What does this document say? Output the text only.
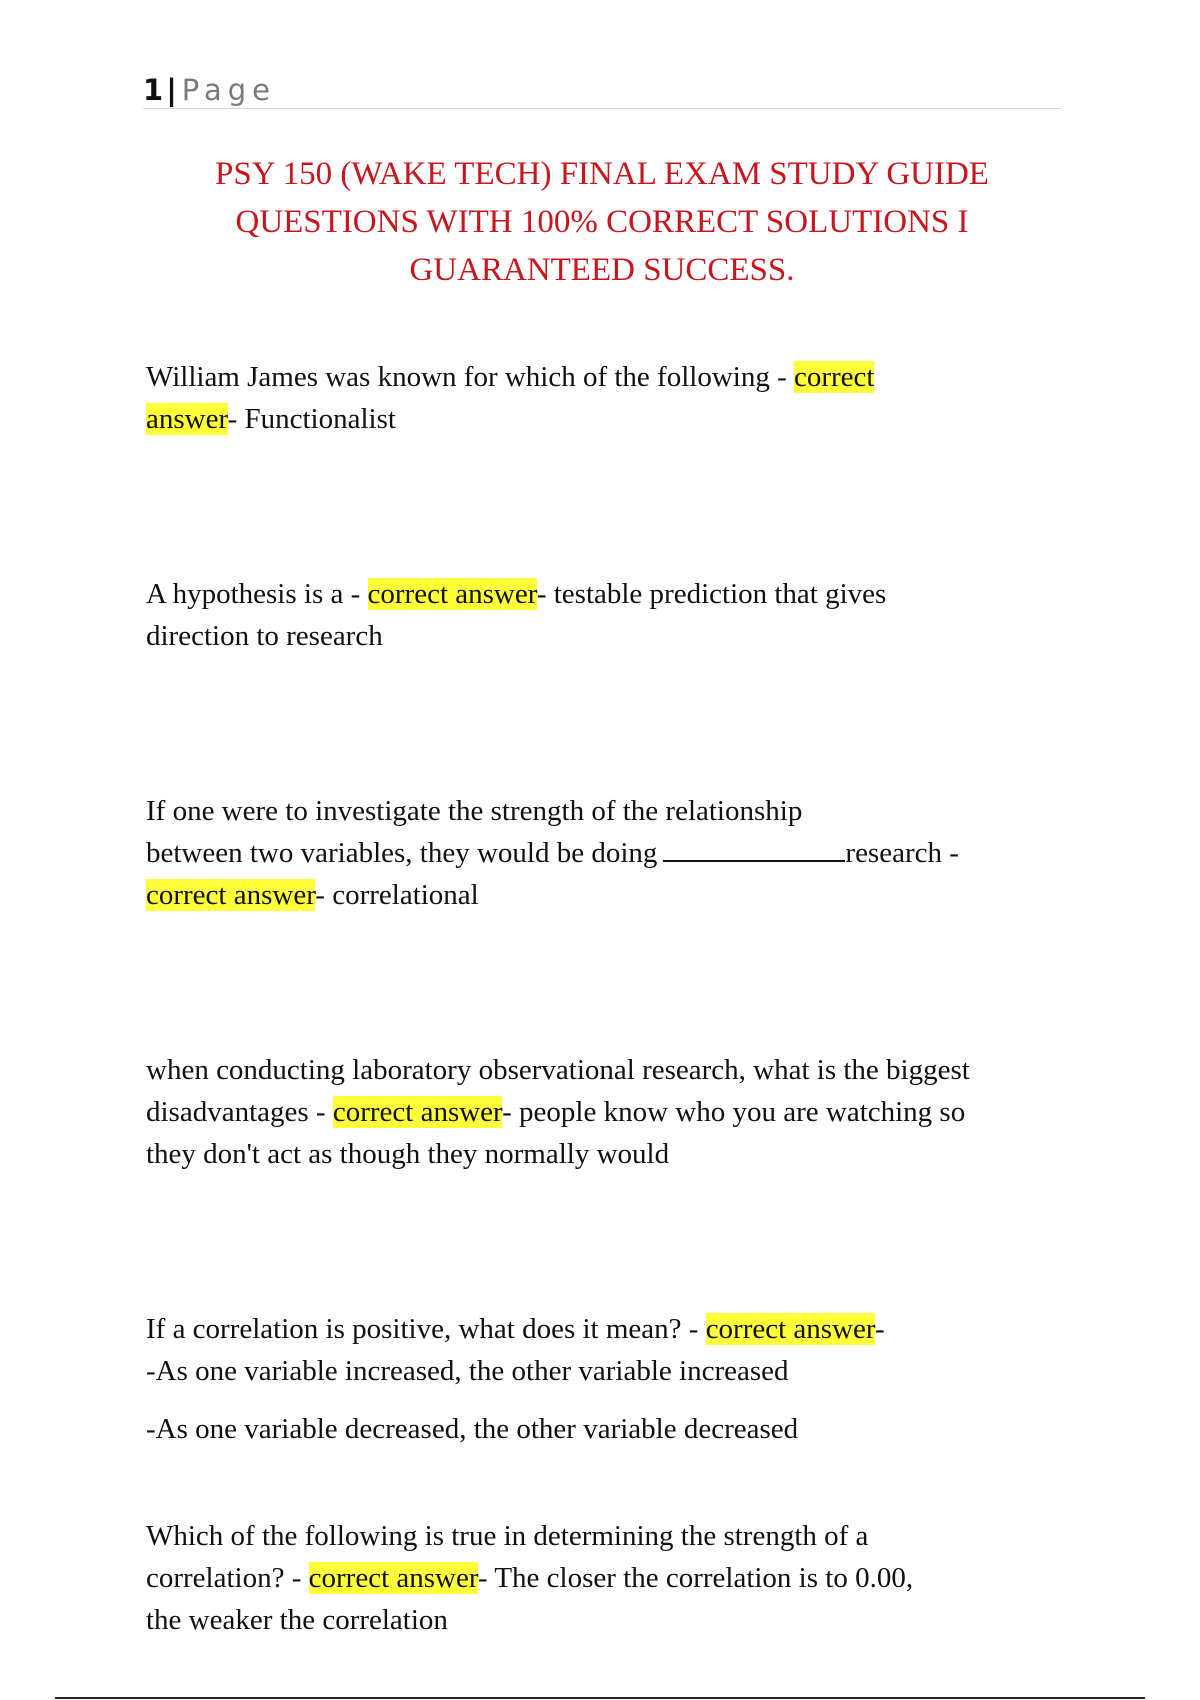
1 | Page
PSY 150 (WAKE TECH) FINAL EXAM STUDY GUIDE
QUESTIONS WITH 100% CORRECT SOLUTIONS I
GUARANTEED SUCCESS.

William James was known for which of the following - correct

answer- Functionalist

A hypothesis is a - correct answer- testable prediction that gives

direction to research

If one were to investigate the strength of the relationship

between two variables, they would be doing	research -

correct answer- correlational

when conducting laboratory observational research, what is the biggest

disadvantages - correct answer- people know who you are watching so

they don't act as though they normally would

If a correlation is positive, what does it mean? - correct answer-

-As one variable increased, the other variable increased

-As one variable decreased, the other variable decreased

Which of the following is true in determining the strength of a

correlation? - correct answer- The closer the correlation is to 0.00,

the weaker the correlation
